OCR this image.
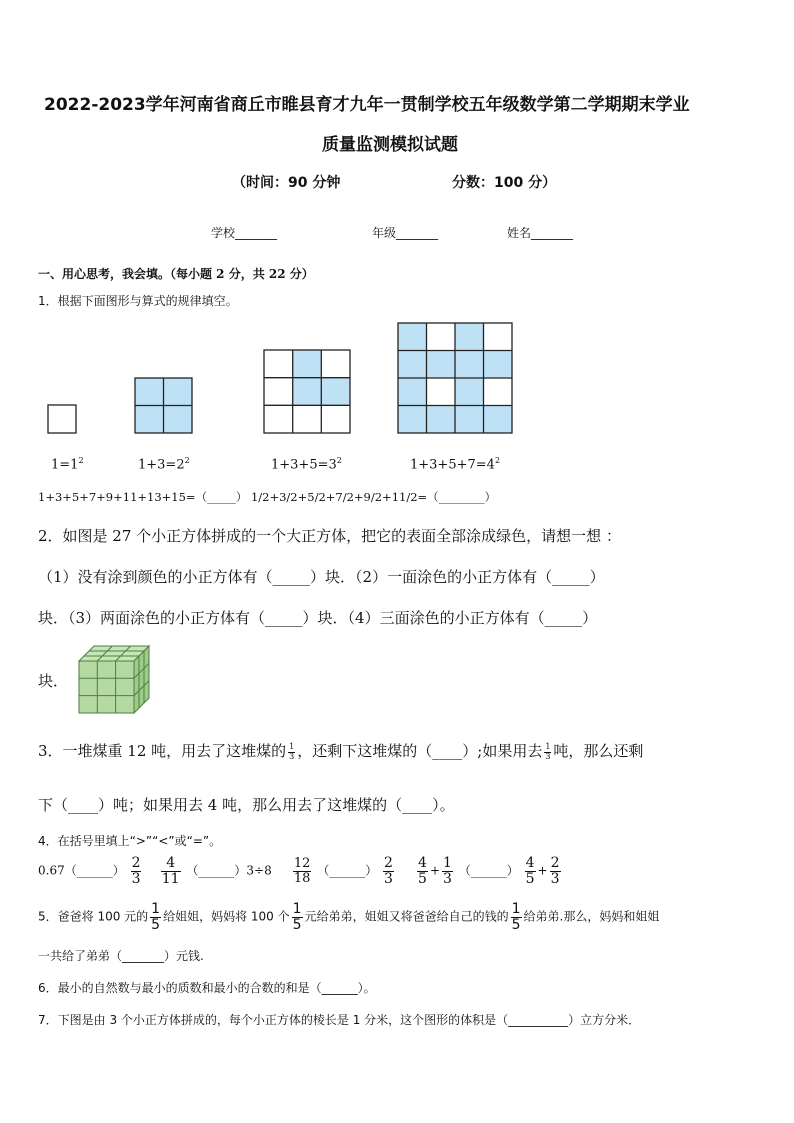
2022-2023学年河南省商丘市睢县育才九年一贯制学校五年级数学第二学期期末学业
质量监测模拟试题
（时间：90 分钟	分数：100 分）
学校_______	年级_______	姓名_______
一、用心思考，我会填。（每小题 2 分，共 22 分）
1．根据下面图形与算式的规律填空。
$1=1^2$	$1+3=2^2$	$1+3+5=3^2$	$1+3+5+7=4^2$
1+3+5+7+9+11+13+15=（_____） 1/2+3/2+5/2+7/2+9/2+11/2=（________）
2．如图是 27 个小正方体拼成的一个大正方体，把它的表面全部涂成绿色，请想一想 ：
（1）没有涂到颜色的小正方体有（_____）块．（2）一面涂色的小正方体有（_____）
块．（3）两面涂色的小正方体有（_____）块．（4）三面涂色的小正方体有（_____）
块．
3．一堆煤重 12 吨，用去了这堆煤的 $\frac{1}{3}$ ，还剩下这堆煤的（____）;如果用去 $\frac{1}{3}$ 吨，那么还剩
下（____）吨；如果用去 4 吨，那么用去了这堆煤的（____）。
4．在括号里填上“>”“<”或“=”。
0.67（______） $\frac{2}{3}$
$\frac{4}{11}$ （______）3÷8 $\frac{12}{18}$ （______） $\frac{2}{3}$
$\frac{4}{5} + \frac{1}{3}$ （______） $\frac{4}{5} + \frac{2}{3}$
5．爸爸将 100 元的 $\frac{1}{5}$ 给姐姐，妈妈将 100 个 $\frac{1}{5}$ 元给弟弟，姐姐又将爸爸给自己的钱的 $\frac{1}{5}$ 给弟弟.那么，妈妈和姐姐
一共给了弟弟（_______）元钱.
6．最小的自然数与最小的质数和最小的合数的和是（______）。
7．下图是由 3 个小正方体拼成的，每个小正方体的棱长是 1 分米，这个图形的体积是（__________）立方分米．
